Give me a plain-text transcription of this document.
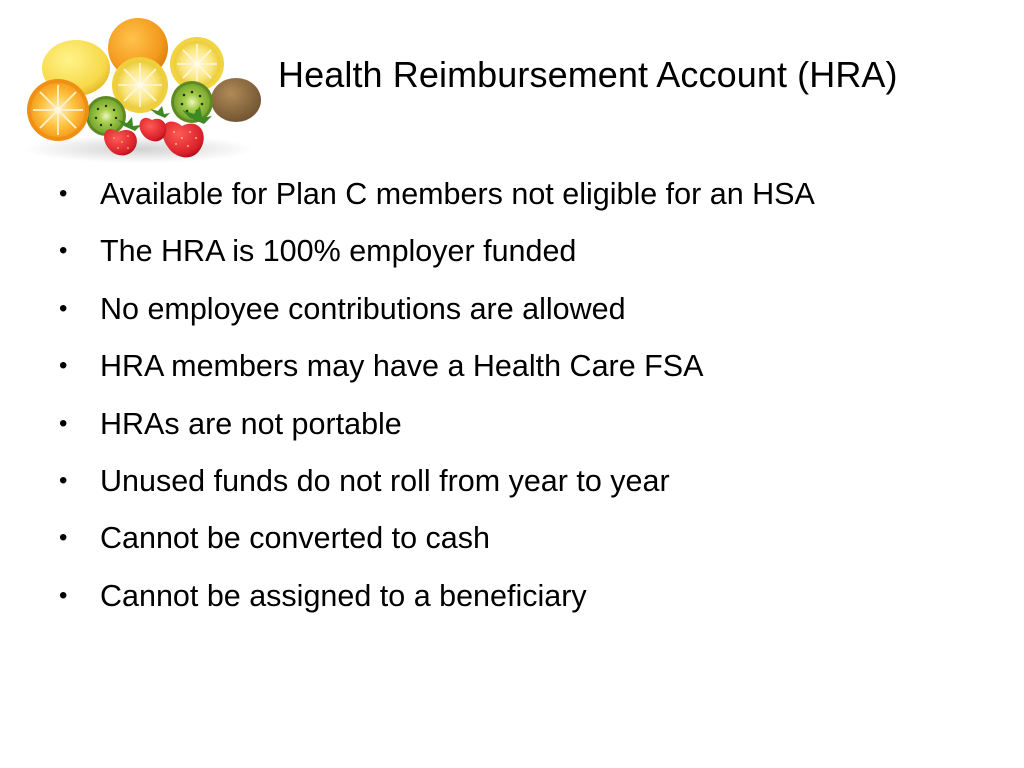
Health Reimbursement Account (HRA)
• Available for Plan C members not eligible for an HSA
• The HRA is 100% employer funded
• No employee contributions are allowed
• HRA members may have a Health Care FSA
• HRAs are not portable
• Unused funds do not roll from year to year
• Cannot be converted to cash
• Cannot be assigned to a beneficiary
